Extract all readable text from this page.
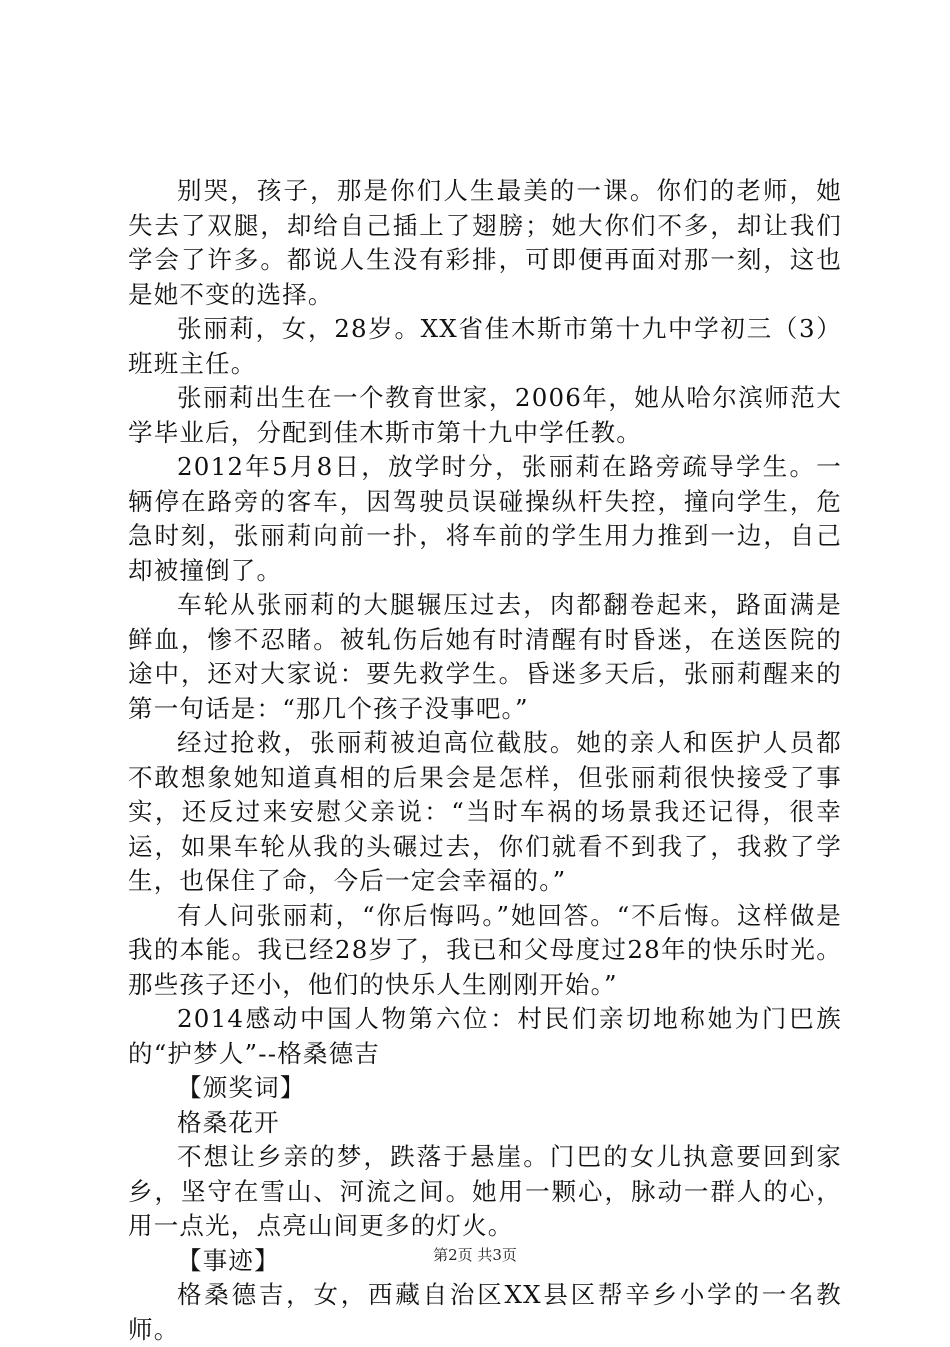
别哭，孩子，那是你们人生最美的一课。你们的老师，她失去了双腿，却给自己插上了翅膀；她大你们不多，却让我们学会了许多。都说人生没有彩排，可即便再面对那一刻，这也是她不变的选择。

张丽莉，女，28岁。XX省佳木斯市第十九中学初三（3）班班主任。

张丽莉出生在一个教育世家，2006年，她从哈尔滨师范大学毕业后，分配到佳木斯市第十九中学任教。

2012年5月8日，放学时分，张丽莉在路旁疏导学生。一辆停在路旁的客车，因驾驶员误碰操纵杆失控，撞向学生，危急时刻，张丽莉向前一扑，将车前的学生用力推到一边，自己却被撞倒了。

车轮从张丽莉的大腿辗压过去，肉都翻卷起来，路面满是鲜血，惨不忍睹。被轧伤后她有时清醒有时昏迷，在送医院的途中，还对大家说：要先救学生。昏迷多天后，张丽莉醒来的第一句话是：“那几个孩子没事吧。”

经过抢救，张丽莉被迫高位截肢。她的亲人和医护人员都不敢想象她知道真相的后果会是怎样，但张丽莉很快接受了事实，还反过来安慰父亲说：“当时车祸的场景我还记得，很幸运，如果车轮从我的头碾过去，你们就看不到我了，我救了学生，也保住了命，今后一定会幸福的。”

有人问张丽莉，“你后悔吗。”她回答。“不后悔。这样做是我的本能。我已经28岁了，我已和父母度过28年的快乐时光。那些孩子还小，他们的快乐人生刚刚开始。”

2014感动中国人物第六位：村民们亲切地称她为门巴族的“护梦人”--格桑德吉

【颁奖词】

格桑花开

不想让乡亲的梦，跌落于悬崖。门巴的女儿执意要回到家乡，坚守在雪山、河流之间。她用一颗心，脉动一群人的心，用一点光，点亮山间更多的灯火。

【事迹】

格桑德吉，女，西藏自治区XX县区帮辛乡小学的一名教师。

第2页 共3页
